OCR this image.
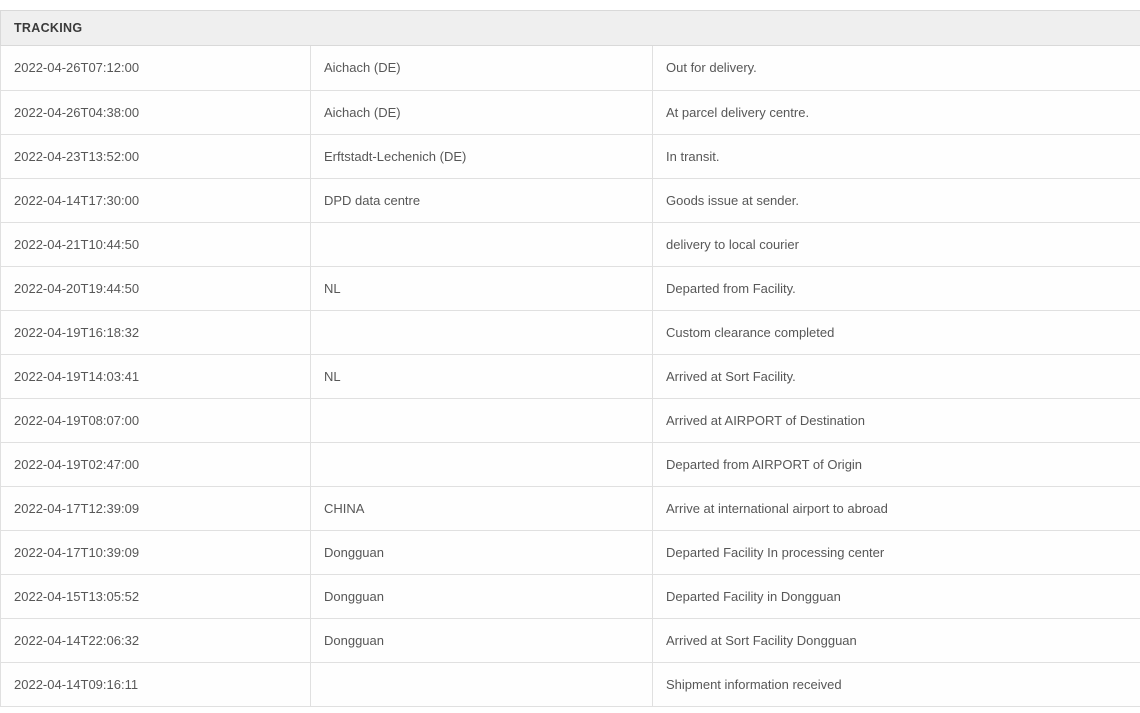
TRACKING
2022-04-26T07:12:00	Aichach (DE)	Out for delivery.
2022-04-26T04:38:00	Aichach (DE)	At parcel delivery centre.
2022-04-23T13:52:00	Erftstadt-Lechenich (DE)	In transit.
2022-04-14T17:30:00	DPD data centre	Goods issue at sender.
2022-04-21T10:44:50		delivery to local courier
2022-04-20T19:44:50	NL	Departed from Facility.
2022-04-19T16:18:32		Custom clearance completed
2022-04-19T14:03:41	NL	Arrived at Sort Facility.
2022-04-19T08:07:00		Arrived at AIRPORT of Destination
2022-04-19T02:47:00		Departed from AIRPORT of Origin
2022-04-17T12:39:09	CHINA	Arrive at international airport to abroad
2022-04-17T10:39:09	Dongguan	Departed Facility In processing center
2022-04-15T13:05:52	Dongguan	Departed Facility in Dongguan
2022-04-14T22:06:32	Dongguan	Arrived at Sort Facility Dongguan
2022-04-14T09:16:11		Shipment information received
